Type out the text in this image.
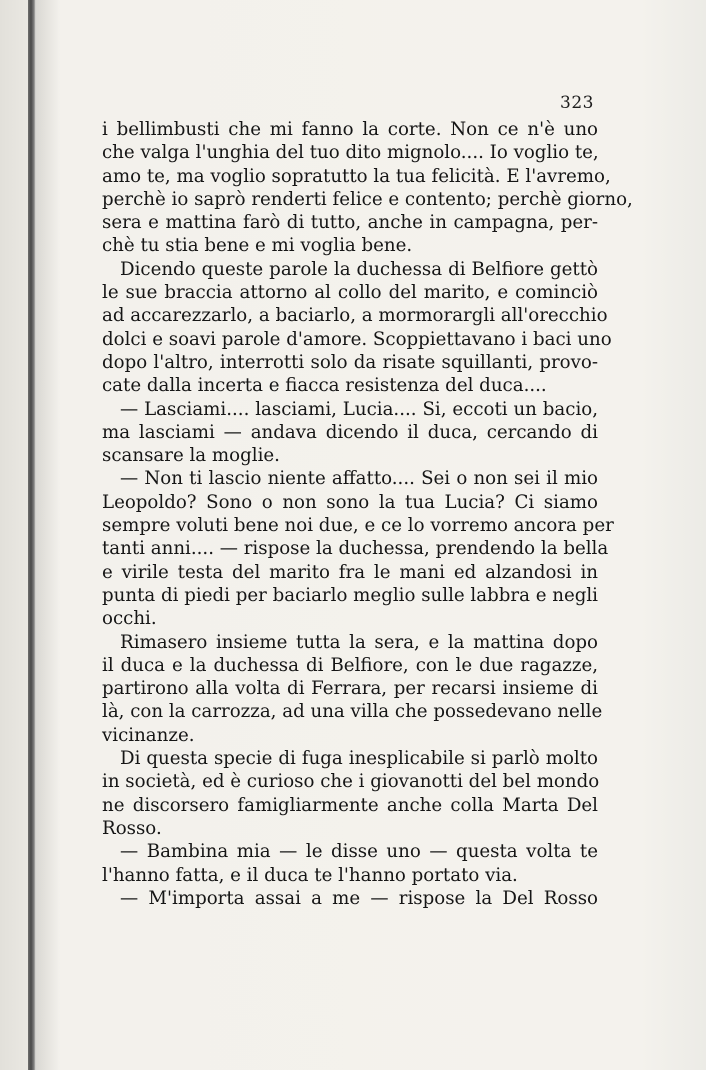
323
i bellimbusti che mi fanno la corte. Non ce n'è uno
che valga l'unghia del tuo dito mignolo.... Io voglio te,
amo te, ma voglio sopratutto la tua felicità. E l'avremo,
perchè io saprò renderti felice e contento; perchè giorno,
sera e mattina farò di tutto, anche in campagna, per-
chè tu stia bene e mi voglia bene.
Dicendo queste parole la duchessa di Belfiore gettò
le sue braccia attorno al collo del marito, e cominciò
ad accarezzarlo, a baciarlo, a mormorargli all'orecchio
dolci e soavi parole d'amore. Scoppiettavano i baci uno
dopo l'altro, interrotti solo da risate squillanti, provo-
cate dalla incerta e fiacca resistenza del duca....
— Lasciami.... lasciami, Lucia.... Si, eccoti un bacio,
ma lasciami — andava dicendo il duca, cercando di
scansare la moglie.
— Non ti lascio niente affatto.... Sei o non sei il mio
Leopoldo? Sono o non sono la tua Lucia? Ci siamo
sempre voluti bene noi due, e ce lo vorremo ancora per
tanti anni.... — rispose la duchessa, prendendo la bella
e virile testa del marito fra le mani ed alzandosi in
punta di piedi per baciarlo meglio sulle labbra e negli
occhi.
Rimasero insieme tutta la sera, e la mattina dopo
il duca e la duchessa di Belfiore, con le due ragazze,
partirono alla volta di Ferrara, per recarsi insieme di
là, con la carrozza, ad una villa che possedevano nelle
vicinanze.
Di questa specie di fuga inesplicabile si parlò molto
in società, ed è curioso che i giovanotti del bel mondo
ne discorsero famigliarmente anche colla Marta Del
Rosso.
— Bambina mia — le disse uno — questa volta te
l'hanno fatta, e il duca te l'hanno portato via.
— M'importa assai a me — rispose la Del Rosso
